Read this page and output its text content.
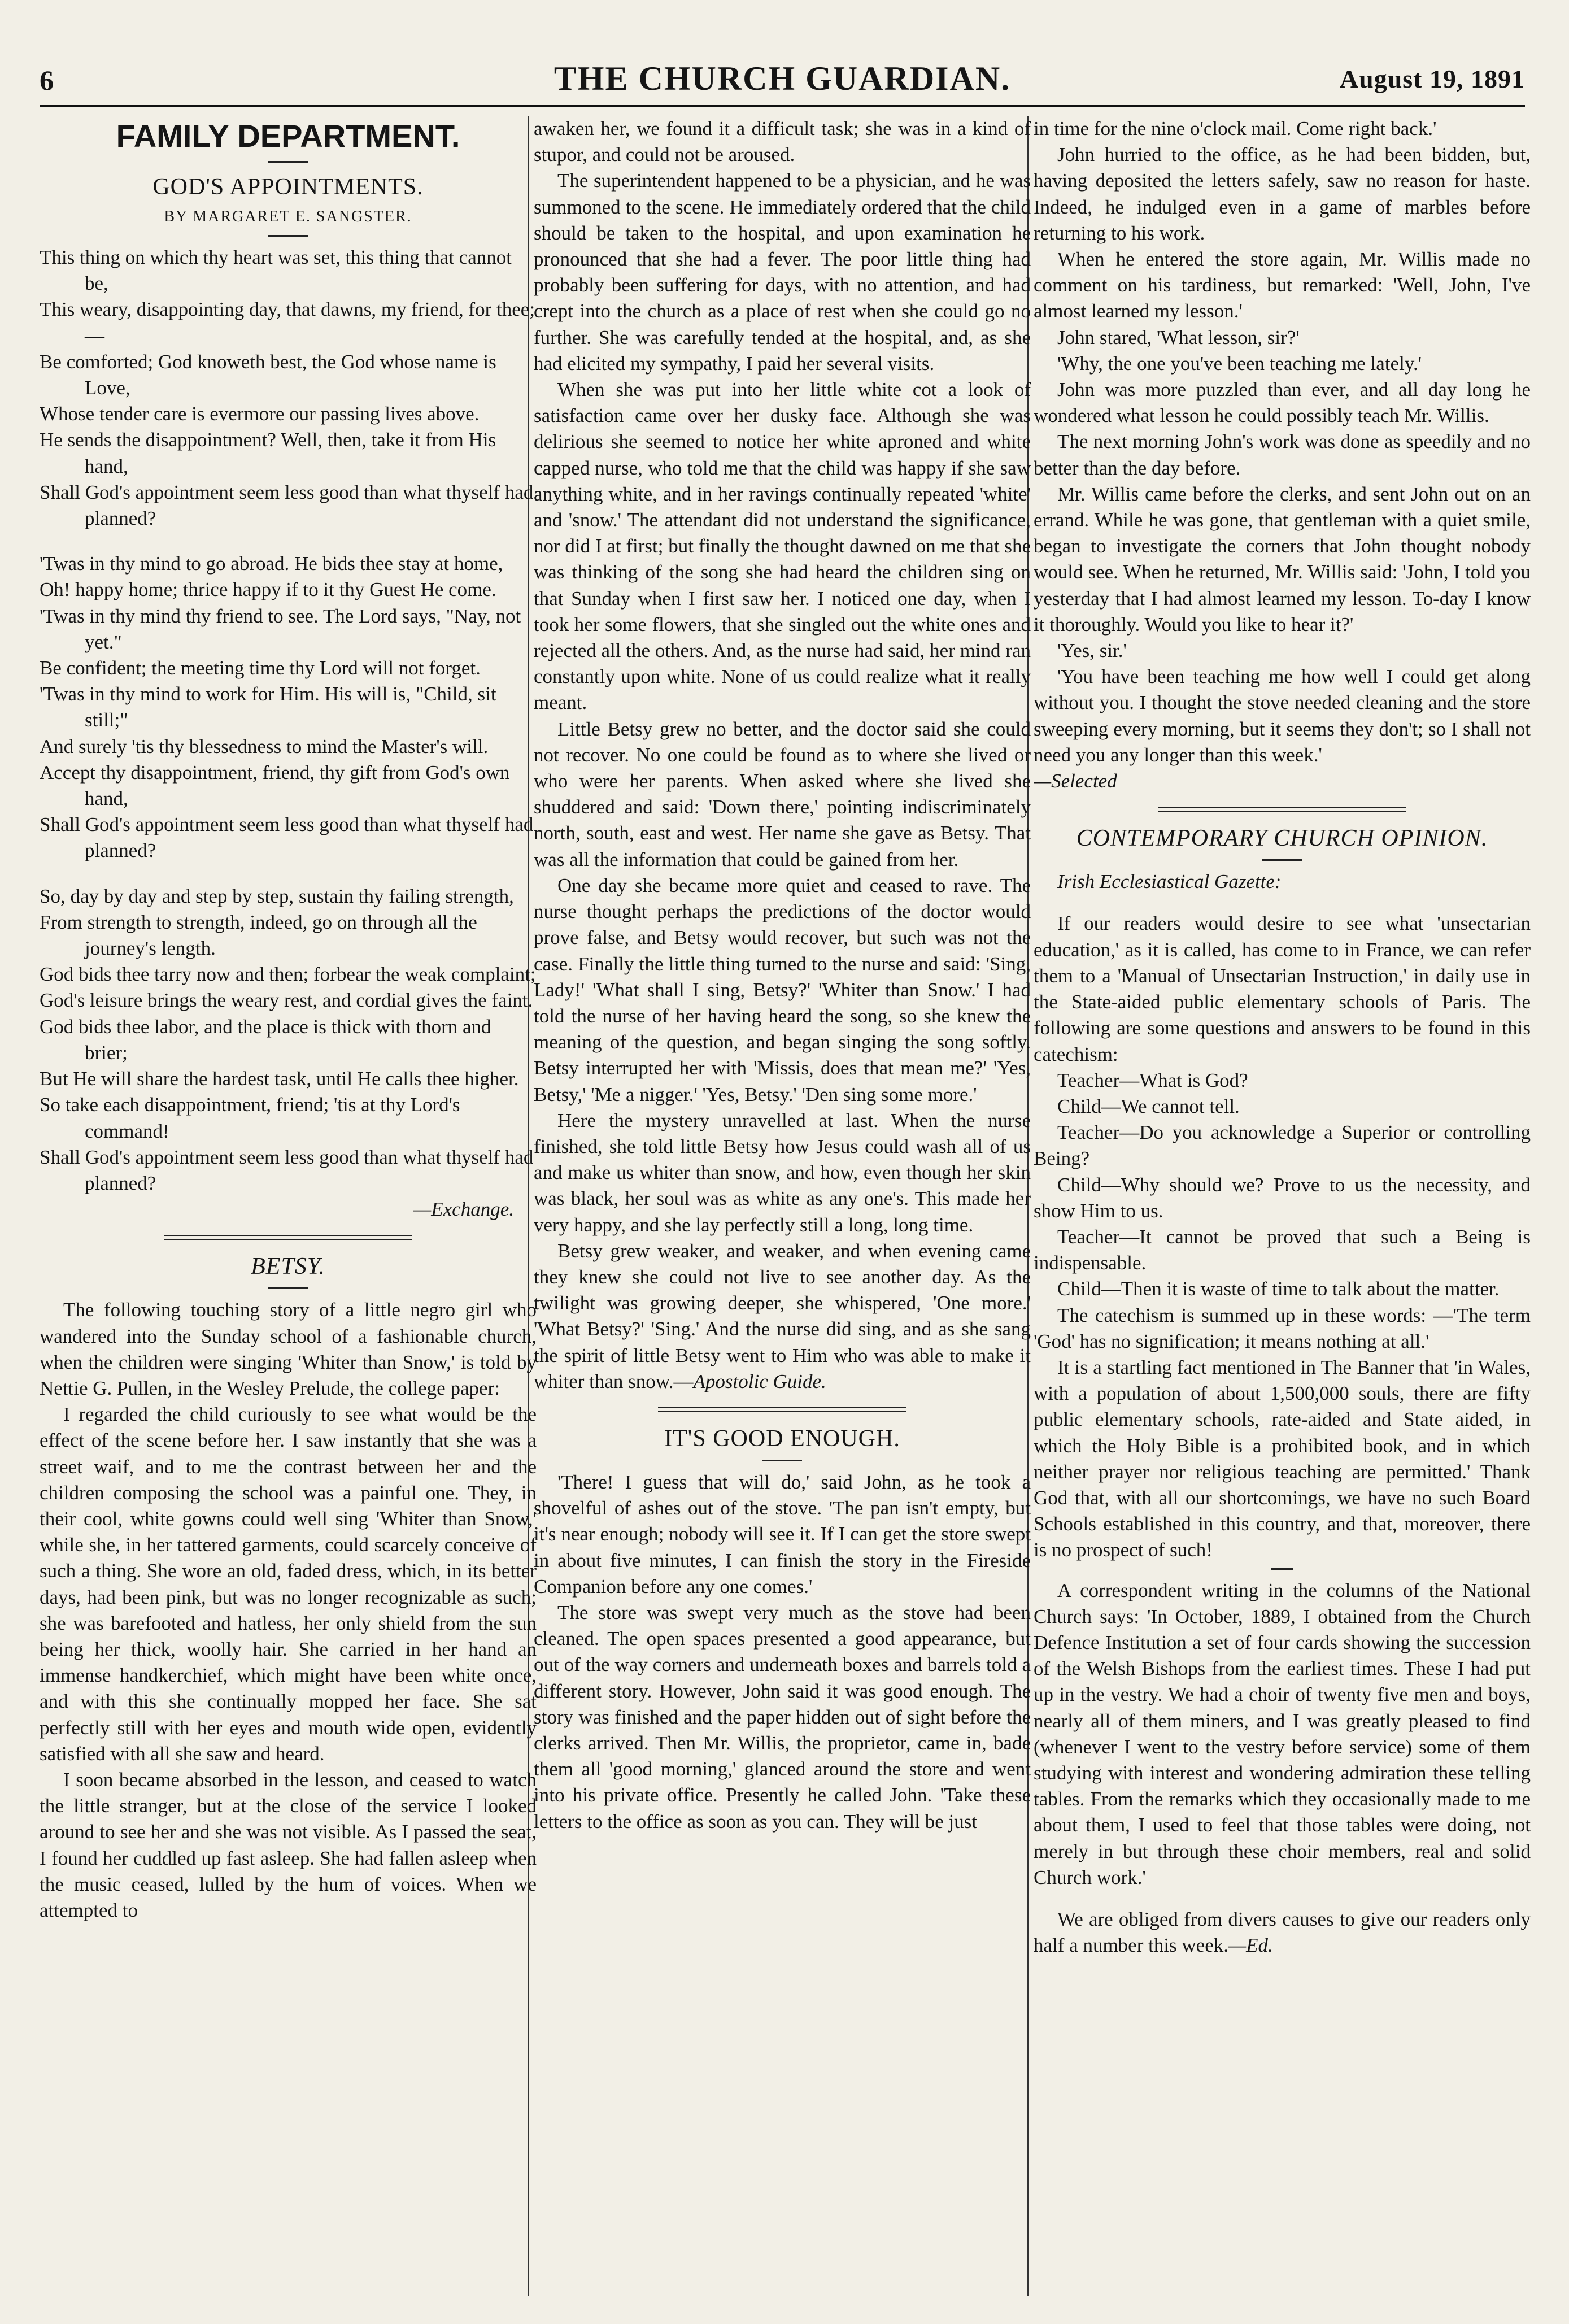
6	THE CHURCH GUARDIAN.	August 19, 1891
FAMILY DEPARTMENT.
GOD'S APPOINTMENTS.
BY MARGARET E. SANGSTER.

This thing on which thy heart was set, this thing that cannot be,

This weary, disappointing day, that dawns, my friend, for thee;—

Be comforted; God knoweth best, the God whose name is Love,

Whose tender care is evermore our passing lives above.

He sends the disappointment? Well, then, take it from His hand,

Shall God's appointment seem less good than what thyself had planned?

'Twas in thy mind to go abroad. He bids thee stay at home,

Oh! happy home; thrice happy if to it thy Guest He come.

'Twas in thy mind thy friend to see. The Lord says, "Nay, not yet."

Be confident; the meeting time thy Lord will not forget.

'Twas in thy mind to work for Him. His will is, "Child, sit still;"

And surely 'tis thy blessedness to mind the Master's will.

Accept thy disappointment, friend, thy gift from God's own hand,

Shall God's appointment seem less good than what thyself had planned?

So, day by day and step by step, sustain thy failing strength,

From strength to strength, indeed, go on through all the journey's length.

God bids thee tarry now and then; forbear the weak complaint;

God's leisure brings the weary rest, and cordial gives the faint.

God bids thee labor, and the place is thick with thorn and brier;

But He will share the hardest task, until He calls thee higher.

So take each disappointment, friend; 'tis at thy Lord's command!

Shall God's appointment seem less good than what thyself had planned?

—Exchange.

BETSY.

The following touching story of a little negro girl who wandered into the Sunday school of a fashionable church, when the children were singing 'Whiter than Snow,' is told by Nettie G. Pullen, in the Wesley Prelude, the college paper:

I regarded the child curiously to see what would be the effect of the scene before her. I saw instantly that she was a street waif, and to me the contrast between her and the children composing the school was a painful one. They, in their cool, white gowns could well sing 'Whiter than Snow,' while she, in her tattered garments, could scarcely conceive of such a thing. She wore an old, faded dress, which, in its better days, had been pink, but was no longer recognizable as such; she was barefooted and hatless, her only shield from the sun being her thick, woolly hair. She carried in her hand an immense handkerchief, which might have been white once, and with this she continually mopped her face. She sat perfectly still with her eyes and mouth wide open, evidently satisfied with all she saw and heard.

I soon became absorbed in the lesson, and ceased to watch the little stranger, but at the close of the service I looked around to see her and she was not visible. As I passed the seat, I found her cuddled up fast asleep. She had fallen asleep when the music ceased, lulled by the hum of voices. When we attempted to

awaken her, we found it a difficult task; she was in a kind of stupor, and could not be aroused.

The superintendent happened to be a physician, and he was summoned to the scene. He immediately ordered that the child should be taken to the hospital, and upon examination he pronounced that she had a fever. The poor little thing had probably been suffering for days, with no attention, and had crept into the church as a place of rest when she could go no further. She was carefully tended at the hospital, and, as she had elicited my sympathy, I paid her several visits.

When she was put into her little white cot a look of satisfaction came over her dusky face. Although she was delirious she seemed to notice her white aproned and white capped nurse, who told me that the child was happy if she saw anything white, and in her ravings continually repeated 'white' and 'snow.' The attendant did not understand the significance, nor did I at first; but finally the thought dawned on me that she was thinking of the song she had heard the children sing on that Sunday when I first saw her. I noticed one day, when I took her some flowers, that she singled out the white ones and rejected all the others. And, as the nurse had said, her mind ran constantly upon white. None of us could realize what it really meant.

Little Betsy grew no better, and the doctor said she could not recover. No one could be found as to where she lived or who were her parents. When asked where she lived she shuddered and said: 'Down there,' pointing indiscriminately north, south, east and west. Her name she gave as Betsy. That was all the information that could be gained from her.

One day she became more quiet and ceased to rave. The nurse thought perhaps the predictions of the doctor would prove false, and Betsy would recover, but such was not the case. Finally the little thing turned to the nurse and said: 'Sing, Lady!' 'What shall I sing, Betsy?' 'Whiter than Snow.' I had told the nurse of her having heard the song, so she knew the meaning of the question, and began singing the song softly. Betsy interrupted her with 'Missis, does that mean me?' 'Yes, Betsy,' 'Me a nigger.' 'Yes, Betsy.' 'Den sing some more.'

Here the mystery unravelled at last. When the nurse finished, she told little Betsy how Jesus could wash all of us and make us whiter than snow, and how, even though her skin was black, her soul was as white as any one's. This made her very happy, and she lay perfectly still a long, long time.

Betsy grew weaker, and weaker, and when evening came they knew she could not live to see another day. As the twilight was growing deeper, she whispered, 'One more.' 'What Betsy?' 'Sing.' And the nurse did sing, and as she sang the spirit of little Betsy went to Him who was able to make it whiter than snow.—Apostolic Guide.

IT'S GOOD ENOUGH.

'There! I guess that will do,' said John, as he took a shovelful of ashes out of the stove. 'The pan isn't empty, but it's near enough; nobody will see it. If I can get the store swept in about five minutes, I can finish the story in the Fireside Companion before any one comes.'

The store was swept very much as the stove had been cleaned. The open spaces presented a good appearance, but out of the way corners and underneath boxes and barrels told a different story. However, John said it was good enough. The story was finished and the paper hidden out of sight before the clerks arrived. Then Mr. Willis, the proprietor, came in, bade them all 'good morning,' glanced around the store and went into his private office. Presently he called John. 'Take these letters to the office as soon as you can. They will be just

in time for the nine o'clock mail. Come right back.'

John hurried to the office, as he had been bidden, but, having deposited the letters safely, saw no reason for haste. Indeed, he indulged even in a game of marbles before returning to his work.

When he entered the store again, Mr. Willis made no comment on his tardiness, but remarked: 'Well, John, I've almost learned my lesson.'

John stared, 'What lesson, sir?'

'Why, the one you've been teaching me lately.'

John was more puzzled than ever, and all day long he wondered what lesson he could possibly teach Mr. Willis.

The next morning John's work was done as speedily and no better than the day before.

Mr. Willis came before the clerks, and sent John out on an errand. While he was gone, that gentleman with a quiet smile, began to investigate the corners that John thought nobody would see. When he returned, Mr. Willis said: 'John, I told you yesterday that I had almost learned my lesson. To-day I know it thoroughly. Would you like to hear it?'

'Yes, sir.'

'You have been teaching me how well I could get along without you. I thought the stove needed cleaning and the store sweeping every morning, but it seems they don't; so I shall not need you any longer than this week.'

—Selected

CONTEMPORARY CHURCH OPINION.

Irish Ecclesiastical Gazette:

If our readers would desire to see what 'unsectarian education,' as it is called, has come to in France, we can refer them to a 'Manual of Unsectarian Instruction,' in daily use in the State-aided public elementary schools of Paris. The following are some questions and answers to be found in this catechism:

Teacher—What is God?

Child—We cannot tell.

Teacher—Do you acknowledge a Superior or controlling Being?

Child—Why should we? Prove to us the necessity, and show Him to us.

Teacher—It cannot be proved that such a Being is indispensable.

Child—Then it is waste of time to talk about the matter.

The catechism is summed up in these words: —'The term 'God' has no signification; it means nothing at all.'

It is a startling fact mentioned in The Banner that 'in Wales, with a population of about 1,500,000 souls, there are fifty public elementary schools, rate-aided and State aided, in which the Holy Bible is a prohibited book, and in which neither prayer nor religious teaching are permitted.' Thank God that, with all our shortcomings, we have no such Board Schools established in this country, and that, moreover, there is no prospect of such!

A correspondent writing in the columns of the National Church says: 'In October, 1889, I obtained from the Church Defence Institution a set of four cards showing the succession of the Welsh Bishops from the earliest times. These I had put up in the vestry. We had a choir of twenty five men and boys, nearly all of them miners, and I was greatly pleased to find (whenever I went to the vestry before service) some of them studying with interest and wondering admiration these telling tables. From the remarks which they occasionally made to me about them, I used to feel that those tables were doing, not merely in but through these choir members, real and solid Church work.'

We are obliged from divers causes to give our readers only half a number this week.—Ed.
